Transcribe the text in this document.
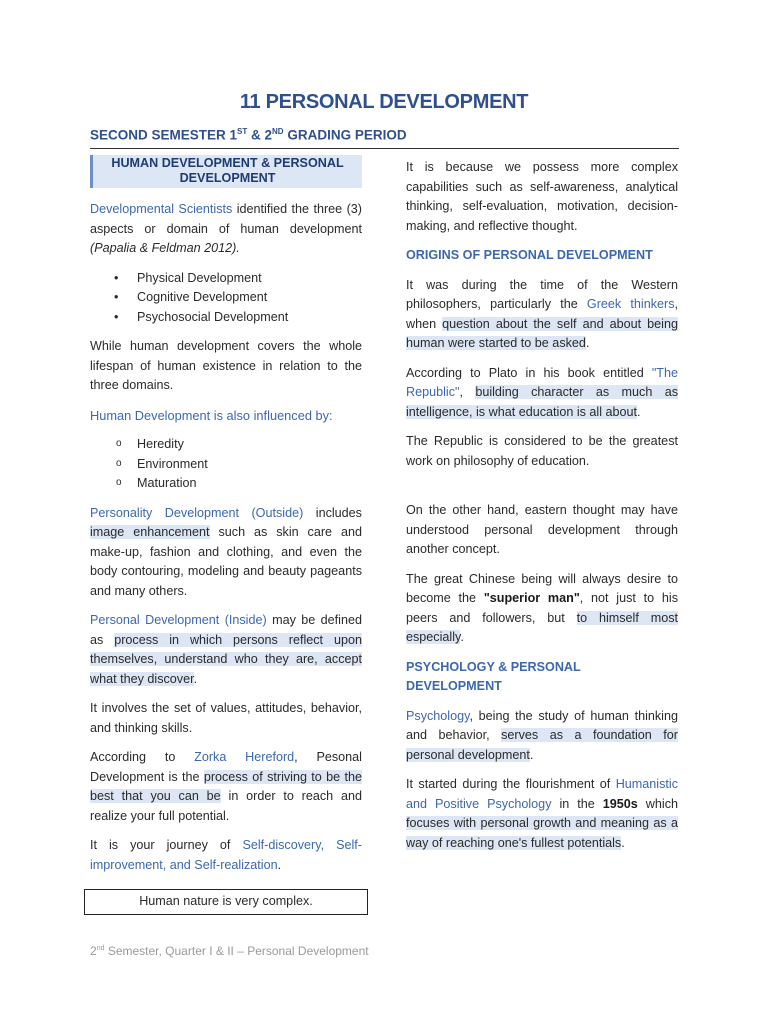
11 PERSONAL DEVELOPMENT
SECOND SEMESTER 1ST & 2ND GRADING PERIOD
HUMAN DEVELOPMENT & PERSONAL DEVELOPMENT

Developmental Scientists identified the three (3) aspects or domain of human development (Papalia & Feldman 2012).

• Physical Development
• Cognitive Development
• Psychosocial Development

While human development covers the whole lifespan of human existence in relation to the three domains.

Human Development is also influenced by:
o Heredity
o Environment
o Maturation

Personality Development (Outside) includes image enhancement such as skin care and make-up, fashion and clothing, and even the body contouring, modeling and beauty pageants and many others.

Personal Development (Inside) may be defined as process in which persons reflect upon themselves, understand who they are, accept what they discover.

It involves the set of values, attitudes, behavior, and thinking skills.

According to Zorka Hereford, Pesonal Development is the process of striving to be the best that you can be in order to reach and realize your full potential.

It is your journey of Self-discovery, Self-improvement, and Self-realization.

Human nature is very complex.

It is because we possess more complex capabilities such as self-awareness, analytical thinking, self-evaluation, motivation, decision-making, and reflective thought.

ORIGINS OF PERSONAL DEVELOPMENT

It was during the time of the Western philosophers, particularly the Greek thinkers, when question about the self and about being human were started to be asked.

According to Plato in his book entitled "The Republic", building character as much as intelligence, is what education is all about.

The Republic is considered to be the greatest work on philosophy of education.

On the other hand, eastern thought may have understood personal development through another concept.

The great Chinese being will always desire to become the "superior man", not just to his peers and followers, but to himself most especially.

PSYCHOLOGY & PERSONAL DEVELOPMENT

Psychology, being the study of human thinking and behavior, serves as a foundation for personal development.

It started during the flourishment of Humanistic and Positive Psychology in the 1950s which focuses with personal growth and meaning as a way of reaching one's fullest potentials.

2nd Semester, Quarter I & II – Personal Development
